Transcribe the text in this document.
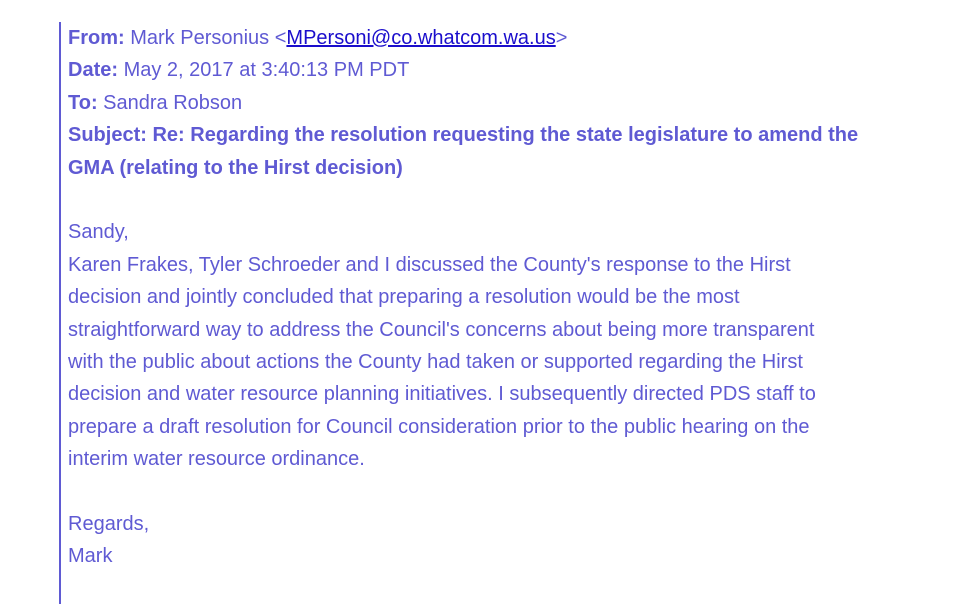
From: Mark Personius <MPersoni@co.whatcom.wa.us>
Date: May 2, 2017 at 3:40:13 PM PDT
To: Sandra Robson
Subject: Re: Regarding the resolution requesting the state legislature to amend the GMA (relating to the Hirst decision)
Sandy,
Karen Frakes, Tyler Schroeder and I discussed the County's response to the Hirst
decision and jointly concluded that preparing a resolution would be the most
straightforward way to address the Council's concerns about being more transparent
with the public about actions the County had taken or supported regarding the Hirst
decision and water resource planning initiatives. I subsequently directed PDS staff to
prepare a draft resolution for Council consideration prior to the public hearing on the
interim water resource ordinance.
Regards,
Mark
